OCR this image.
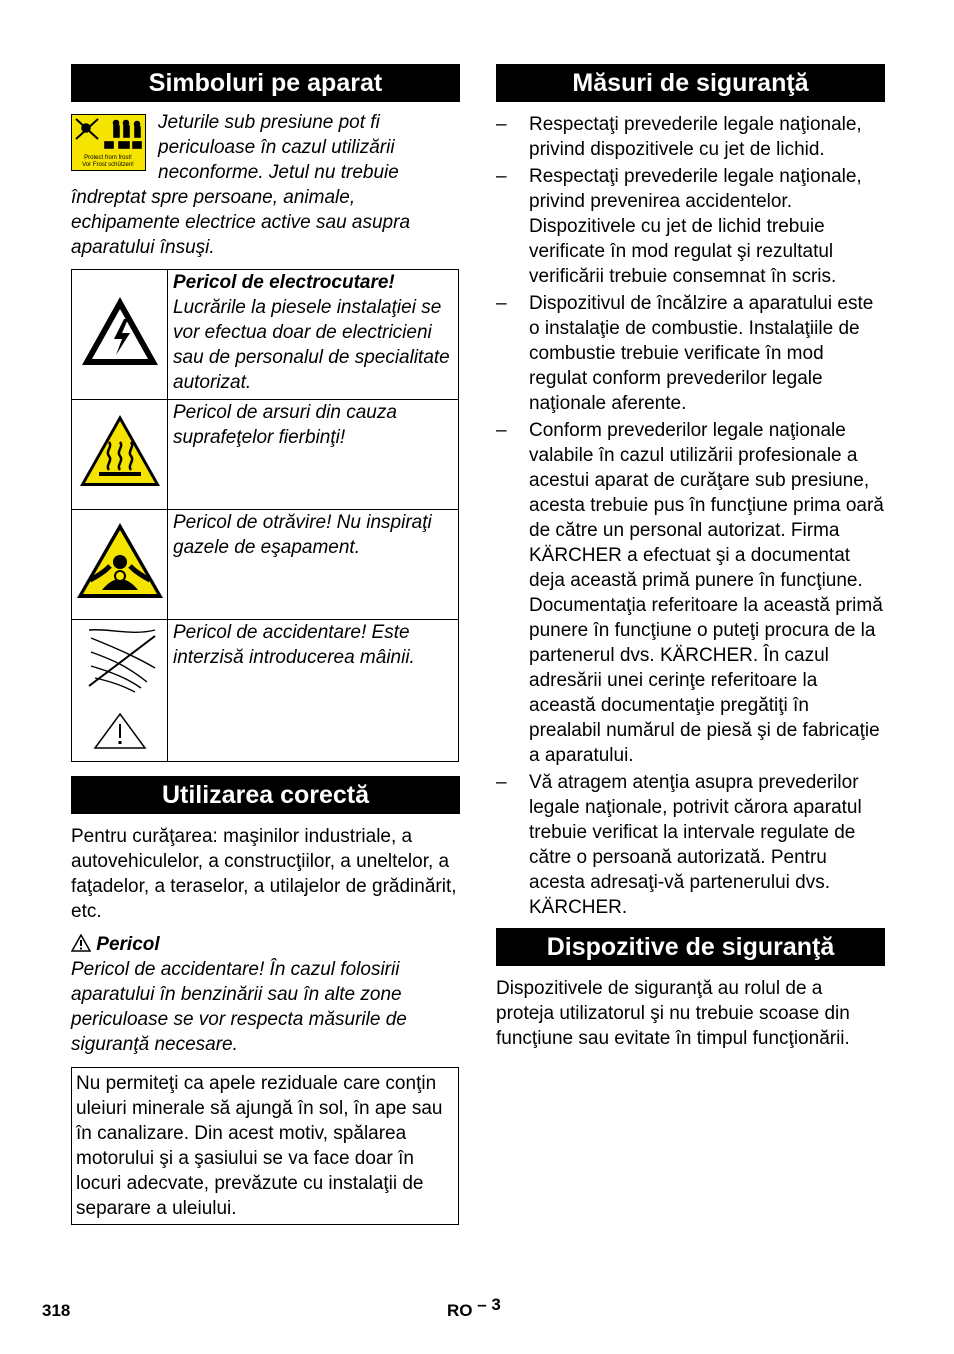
Simboluri pe aparat
Protect from frost!
Vor Frost schützen!

Jeturile sub presiune pot fi periculoase în cazul utilizării neconforme. Jetul nu trebuie îndreptat spre persoane, animale, echipamente electrice active sau asupra aparatului însuşi.

Pericol de electrocutare!
Lucrările la piesele instalaţiei se vor efectua doar de electricieni sau de personalul de specialitate autorizat.

Pericol de arsuri din cauza suprafeţelor fierbinţi!

Pericol de otrăvire! Nu inspiraţi gazele de eşapament.

Pericol de accidentare! Este interzisă introducerea mâinii.
Utilizarea corectă

Pentru curăţarea: maşinilor industriale, a autovehiculelor, a construcţiilor, a uneltelor, a faţadelor, a teraselor, a utilajelor de grădinărit, etc.

Pericol

Pericol de accidentare! În cazul folosirii aparatului în benzinării sau în alte zone periculoase se vor respecta măsurile de siguranţă necesare.

Nu permiteţi ca apele reziduale care conţin uleiuri minerale să ajungă în sol, în ape sau în canalizare. Din acest motiv, spălarea motorului şi a şasiului se va face doar în locuri adecvate, prevăzute cu instalaţii de separare a uleiului.
Măsuri de siguranţă
– Respectaţi prevederile legale naţionale, privind dispozitivele cu jet de lichid.
– Respectaţi prevederile legale naţionale, privind prevenirea accidentelor. Dispozitivele cu jet de lichid trebuie verificate în mod regulat şi rezultatul verificării trebuie consemnat în scris.
– Dispozitivul de încălzire a aparatului este o instalaţie de combustie. Instalaţiile de combustie trebuie verificate în mod regulat conform prevederilor legale naţionale aferente.
– Conform prevederilor legale naţionale valabile în cazul utilizării profesionale a acestui aparat de curăţare sub presiune, acesta trebuie pus în funcţiune prima oară de către un personal autorizat. Firma KÄRCHER a efectuat şi a documentat deja această primă punere în funcţiune. Documentaţia referitoare la această primă punere în funcţiune o puteţi procura de la partenerul dvs. KÄRCHER. În cazul adresării unei cerinţe referitoare la această documentaţie pregătiţi în prealabil numărul de piesă şi de fabricaţie a aparatului.
– Vă atragem atenţia asupra prevederilor legale naţionale, potrivit cărora aparatul trebuie verificat la intervale regulate de către o persoană autorizată. Pentru acesta adresaţi-vă partenerului dvs. KÄRCHER.
Dispozitive de siguranţă

Dispozitivele de siguranţă au rolul de a proteja utilizatorul şi nu trebuie scoase din funcţiune sau evitate în timpul funcţionării.

318	RO – 3
